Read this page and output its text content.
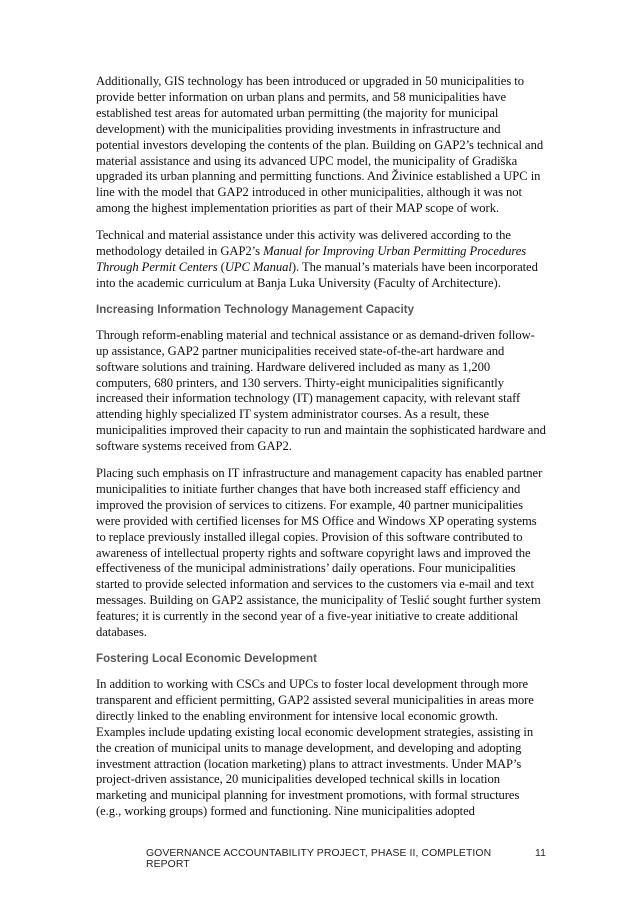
Additionally, GIS technology has been introduced or upgraded in 50 municipalities to provide better information on urban plans and permits, and 58 municipalities have established test areas for automated urban permitting (the majority for municipal development) with the municipalities providing investments in infrastructure and potential investors developing the contents of the plan. Building on GAP2’s technical and material assistance and using its advanced UPC model, the municipality of Gradiška upgraded its urban planning and permitting functions. And Živinice established a UPC in line with the model that GAP2 introduced in other municipalities, although it was not among the highest implementation priorities as part of their MAP scope of work.

Technical and material assistance under this activity was delivered according to the methodology detailed in GAP2’s Manual for Improving Urban Permitting Procedures Through Permit Centers (UPC Manual). The manual’s materials have been incorporated into the academic curriculum at Banja Luka University (Faculty of Architecture).

Increasing Information Technology Management Capacity

Through reform-enabling material and technical assistance or as demand-driven follow-up assistance, GAP2 partner municipalities received state-of-the-art hardware and software solutions and training. Hardware delivered included as many as 1,200 computers, 680 printers, and 130 servers. Thirty-eight municipalities significantly increased their information technology (IT) management capacity, with relevant staff attending highly specialized IT system administrator courses. As a result, these municipalities improved their capacity to run and maintain the sophisticated hardware and software systems received from GAP2.

Placing such emphasis on IT infrastructure and management capacity has enabled partner municipalities to initiate further changes that have both increased staff efficiency and improved the provision of services to citizens. For example, 40 partner municipalities were provided with certified licenses for MS Office and Windows XP operating systems to replace previously installed illegal copies. Provision of this software contributed to awareness of intellectual property rights and software copyright laws and improved the effectiveness of the municipal administrations’ daily operations. Four municipalities started to provide selected information and services to the customers via e-mail and text messages. Building on GAP2 assistance, the municipality of Teslić sought further system features; it is currently in the second year of a five-year initiative to create additional databases.

Fostering Local Economic Development

In addition to working with CSCs and UPCs to foster local development through more transparent and efficient permitting, GAP2 assisted several municipalities in areas more directly linked to the enabling environment for intensive local economic growth. Examples include updating existing local economic development strategies, assisting in the creation of municipal units to manage development, and developing and adopting investment attraction (location marketing) plans to attract investments. Under MAP’s project-driven assistance, 20 municipalities developed technical skills in location marketing and municipal planning for investment promotions, with formal structures (e.g., working groups) formed and functioning. Nine municipalities adopted

GOVERNANCE ACCOUNTABILITY PROJECT, PHASE II, COMPLETION REPORT
11
